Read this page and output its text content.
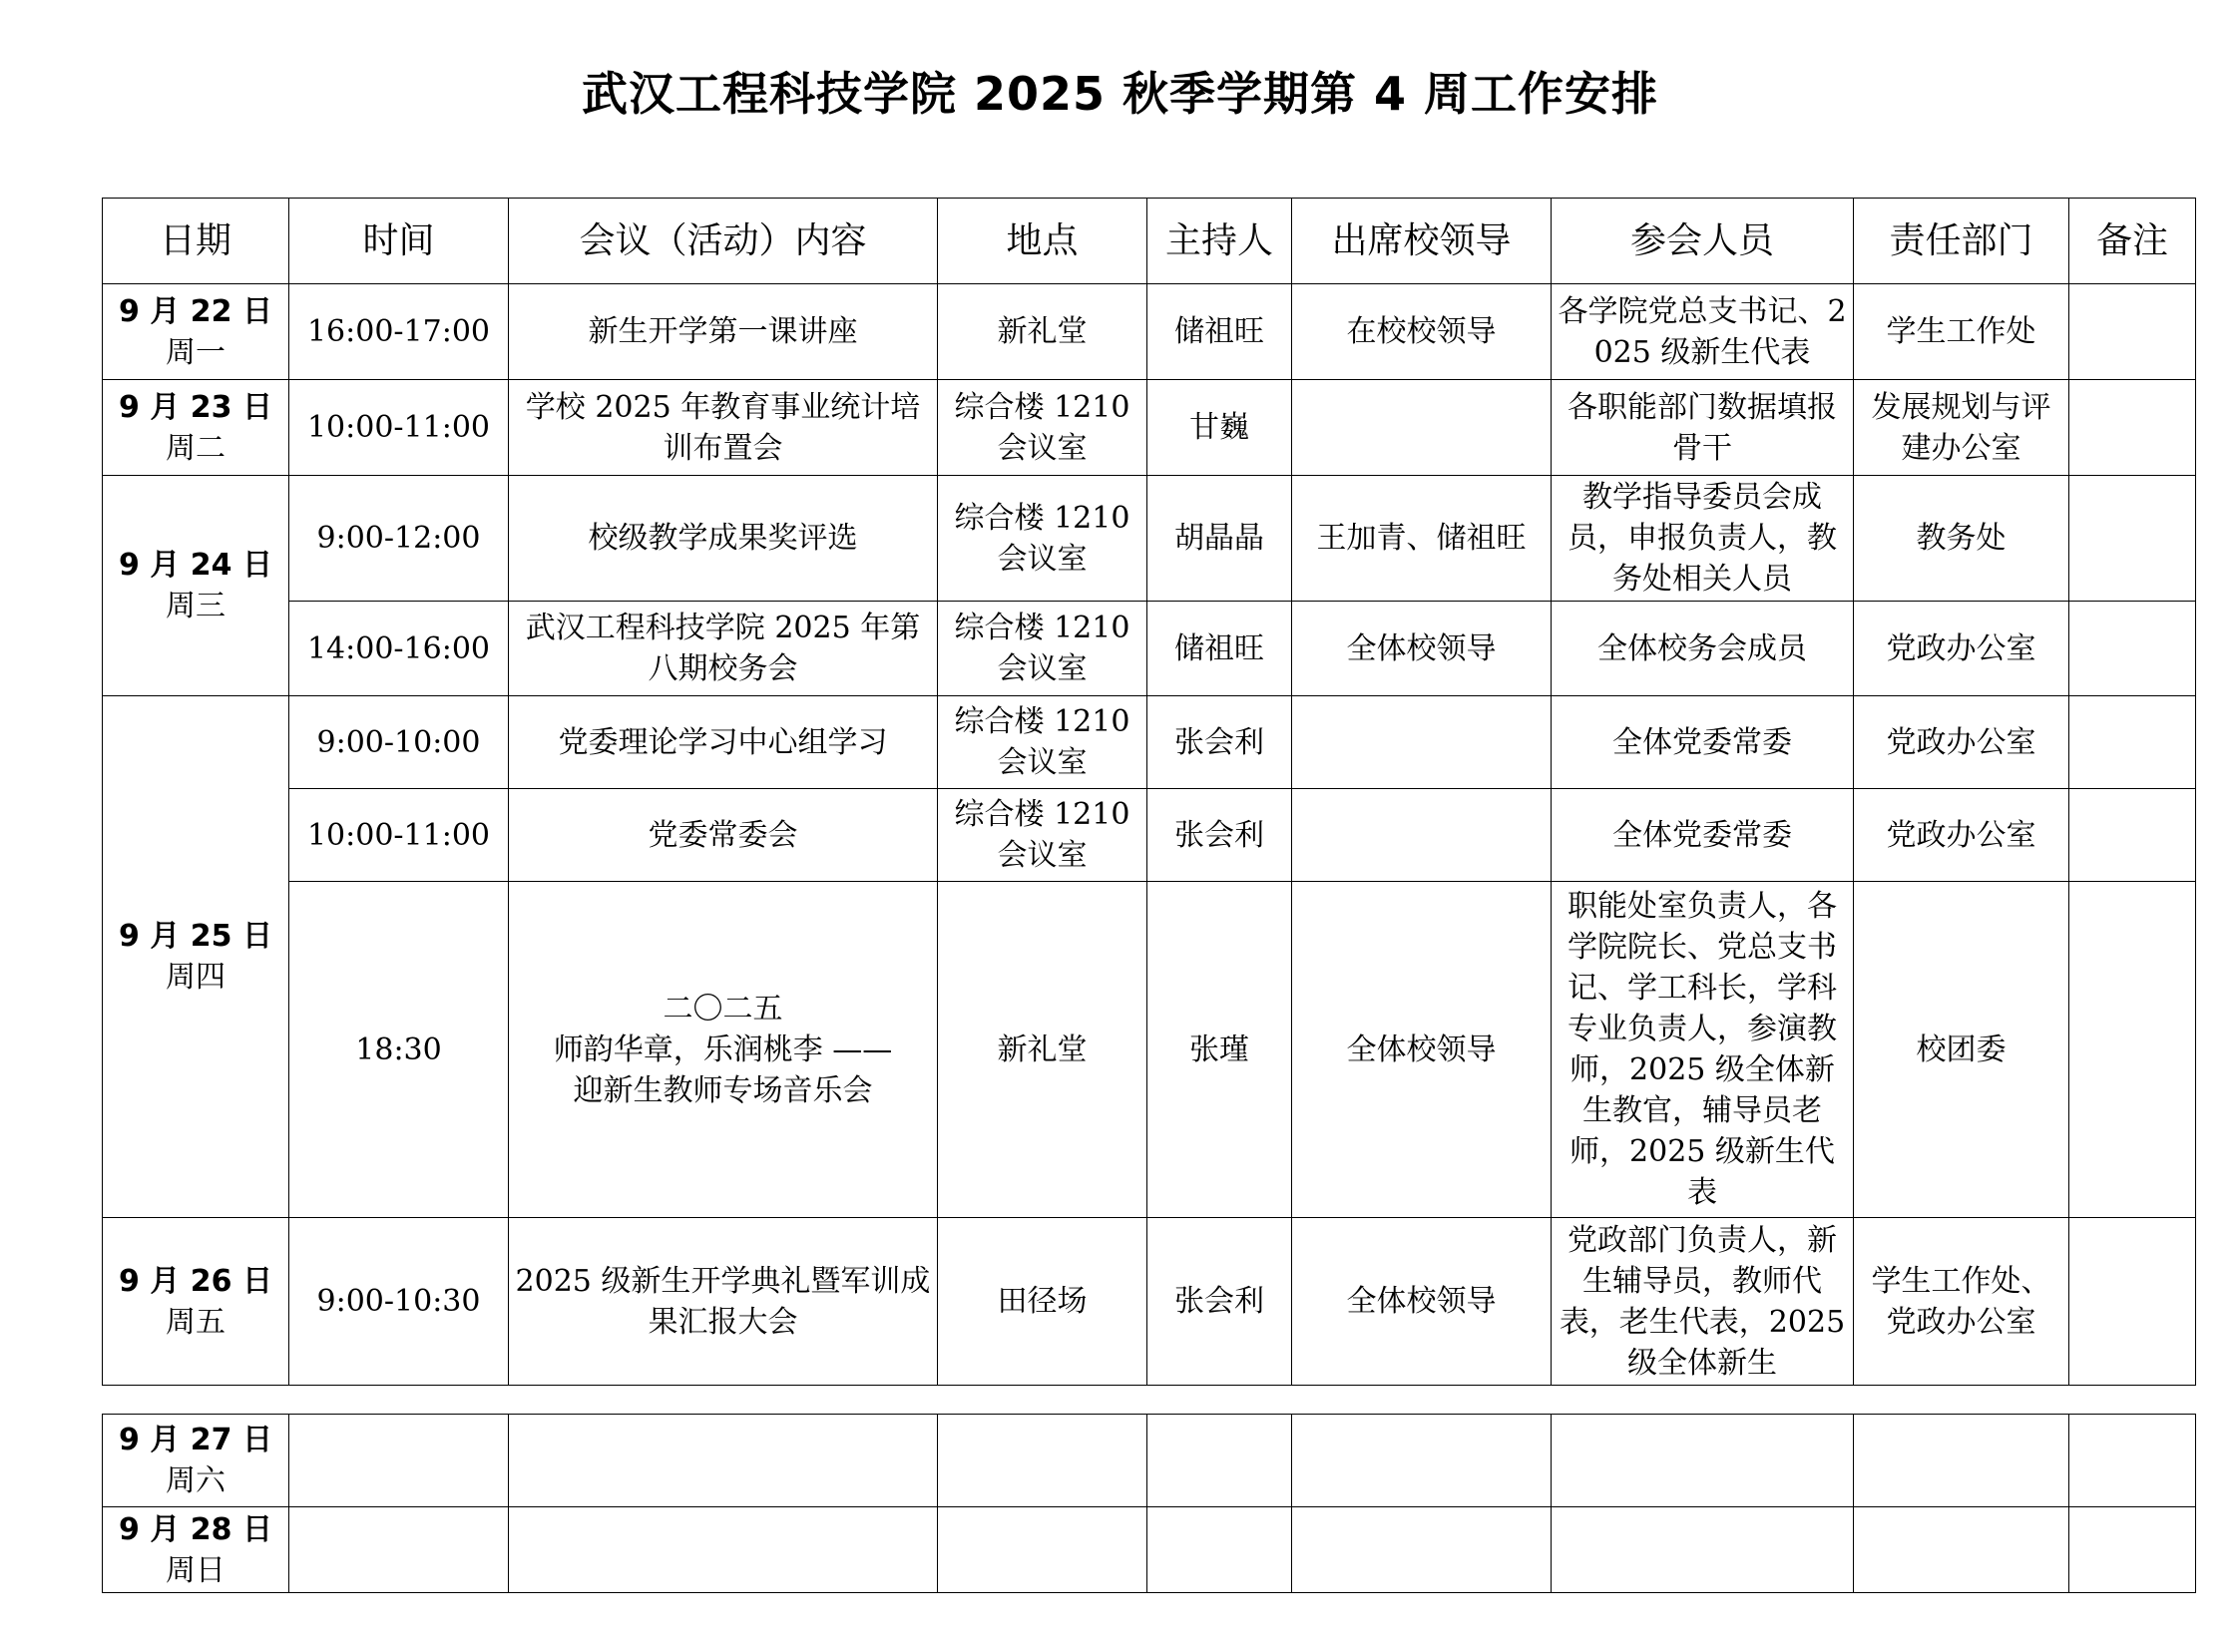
武汉工程科技学院 2025 秋季学期第 4 周工作安排
日期	时间	会议（活动）内容	地点	主持人	出席校领导	参会人员	责任部门	备注

9 月 22 日
周一	16:00-17:00	新生开学第一课讲座	新礼堂	储祖旺	在校校领导	各学院党总支书记、2025 级新生代表	学生工作处	

9 月 23 日
周二	10:00-11:00	学校 2025 年教育事业统计培训布置会	综合楼 1210 会议室	甘巍		各职能部门数据填报骨干	发展规划与评建办公室	

9 月 24 日
周三	9:00-12:00	校级教学成果奖评选	综合楼 1210 会议室	胡晶晶	王加青、储祖旺	教学指导委员会成员，申报负责人，教务处相关人员	教务处	
	14:00-16:00	武汉工程科技学院 2025 年第八期校务会	综合楼 1210 会议室	储祖旺	全体校领导	全体校务会成员	党政办公室	

9 月 25 日
周四	9:00-10:00	党委理论学习中心组学习	综合楼 1210 会议室	张会利		全体党委常委	党政办公室	
	10:00-11:00	党委常委会	综合楼 1210 会议室	张会利		全体党委常委	党政办公室	
	18:30	二〇二五
师韵华章，乐润桃李 ——
迎新生教师专场音乐会	新礼堂	张瑾	全体校领导	职能处室负责人，各学院院长、党总支书记、学工科长，学科专业负责人，参演教师，2025 级全体新生教官，辅导员老师，2025 级新生代表	校团委	

9 月 26 日
周五	9:00-10:30	2025 级新生开学典礼暨军训成果汇报大会	田径场	张会利	全体校领导	党政部门负责人，新生辅导员，教师代表，老生代表，2025 级全体新生	学生工作处、党政办公室	
9 月 27 日
周六								

9 月 28 日
周日								
